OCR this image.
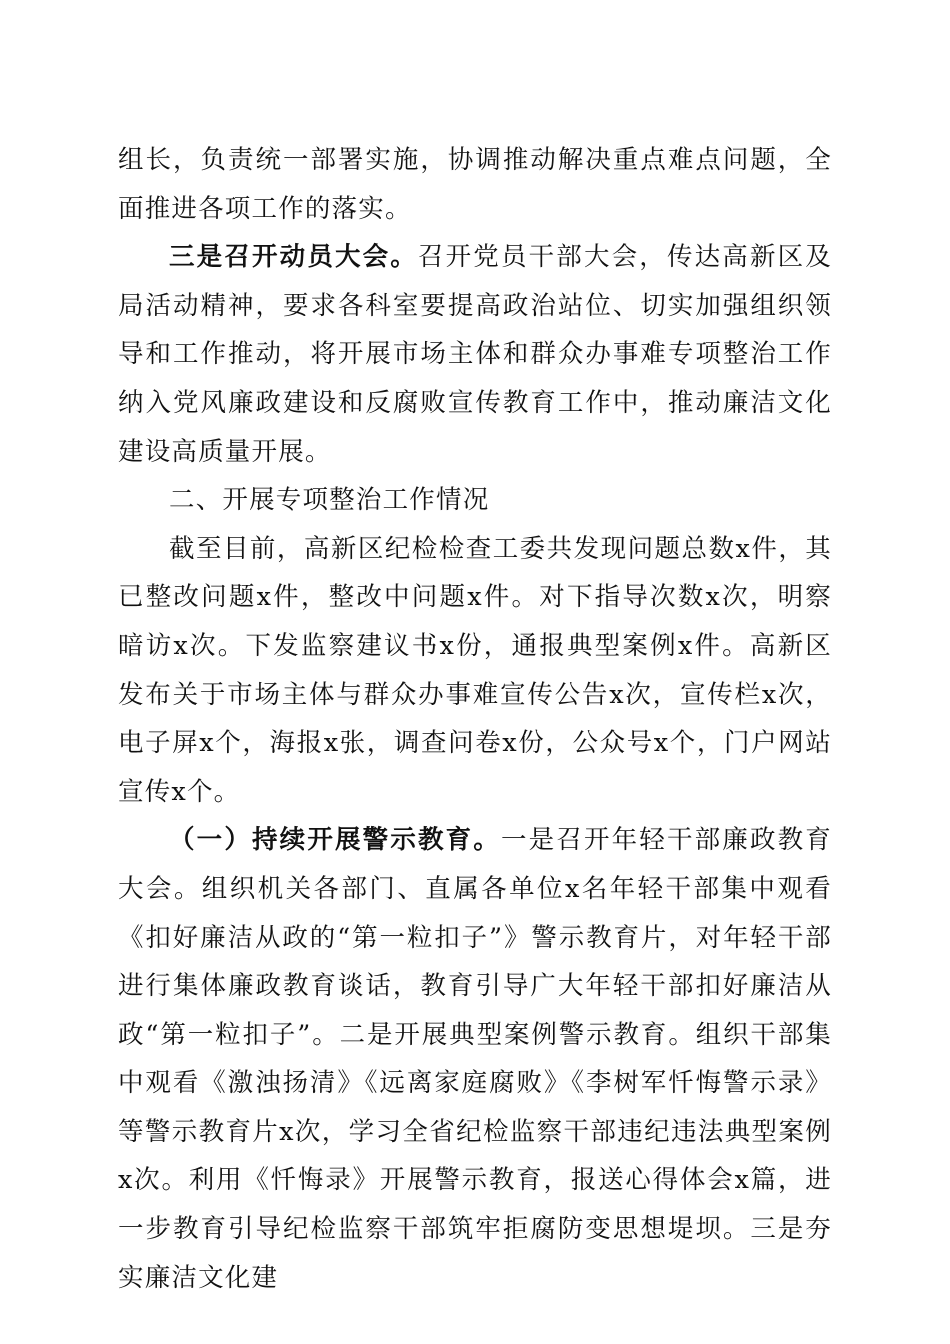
组长，负责统一部署实施，协调推动解决重点难点问题，全面推进各项工作的落实。

三是召开动员大会。召开党员干部大会，传达高新区及局活动精神，要求各科室要提高政治站位、切实加强组织领导和工作推动，将开展市场主体和群众办事难专项整治工作纳入党风廉政建设和反腐败宣传教育工作中，推动廉洁文化建设高质量开展。

二、开展专项整治工作情况

截至目前，高新区纪检检查工委共发现问题总数x件，其已整改问题x件，整改中问题x件。对下指导次数x次，明察暗访x次。下发监察建议书x份，通报典型案例x件。高新区发布关于市场主体与群众办事难宣传公告x次，宣传栏x次，电子屏x个，海报x张，调查问卷x份，公众号x个，门户网站宣传x个。

（一）持续开展警示教育。一是召开年轻干部廉政教育大会。组织机关各部门、直属各单位x名年轻干部集中观看《扣好廉洁从政的“第一粒扣子”》警示教育片，对年轻干部进行集体廉政教育谈话，教育引导广大年轻干部扣好廉洁从政“第一粒扣子”。二是开展典型案例警示教育。组织干部集中观看《激浊扬清》《远离家庭腐败》《李树军忏悔警示录》等警示教育片x次，学习全省纪检监察干部违纪违法典型案例x次。利用《忏悔录》开展警示教育，报送心得体会x篇，进一步教育引导纪检监察干部筑牢拒腐防变思想堤坝。三是夯实廉洁文化建
